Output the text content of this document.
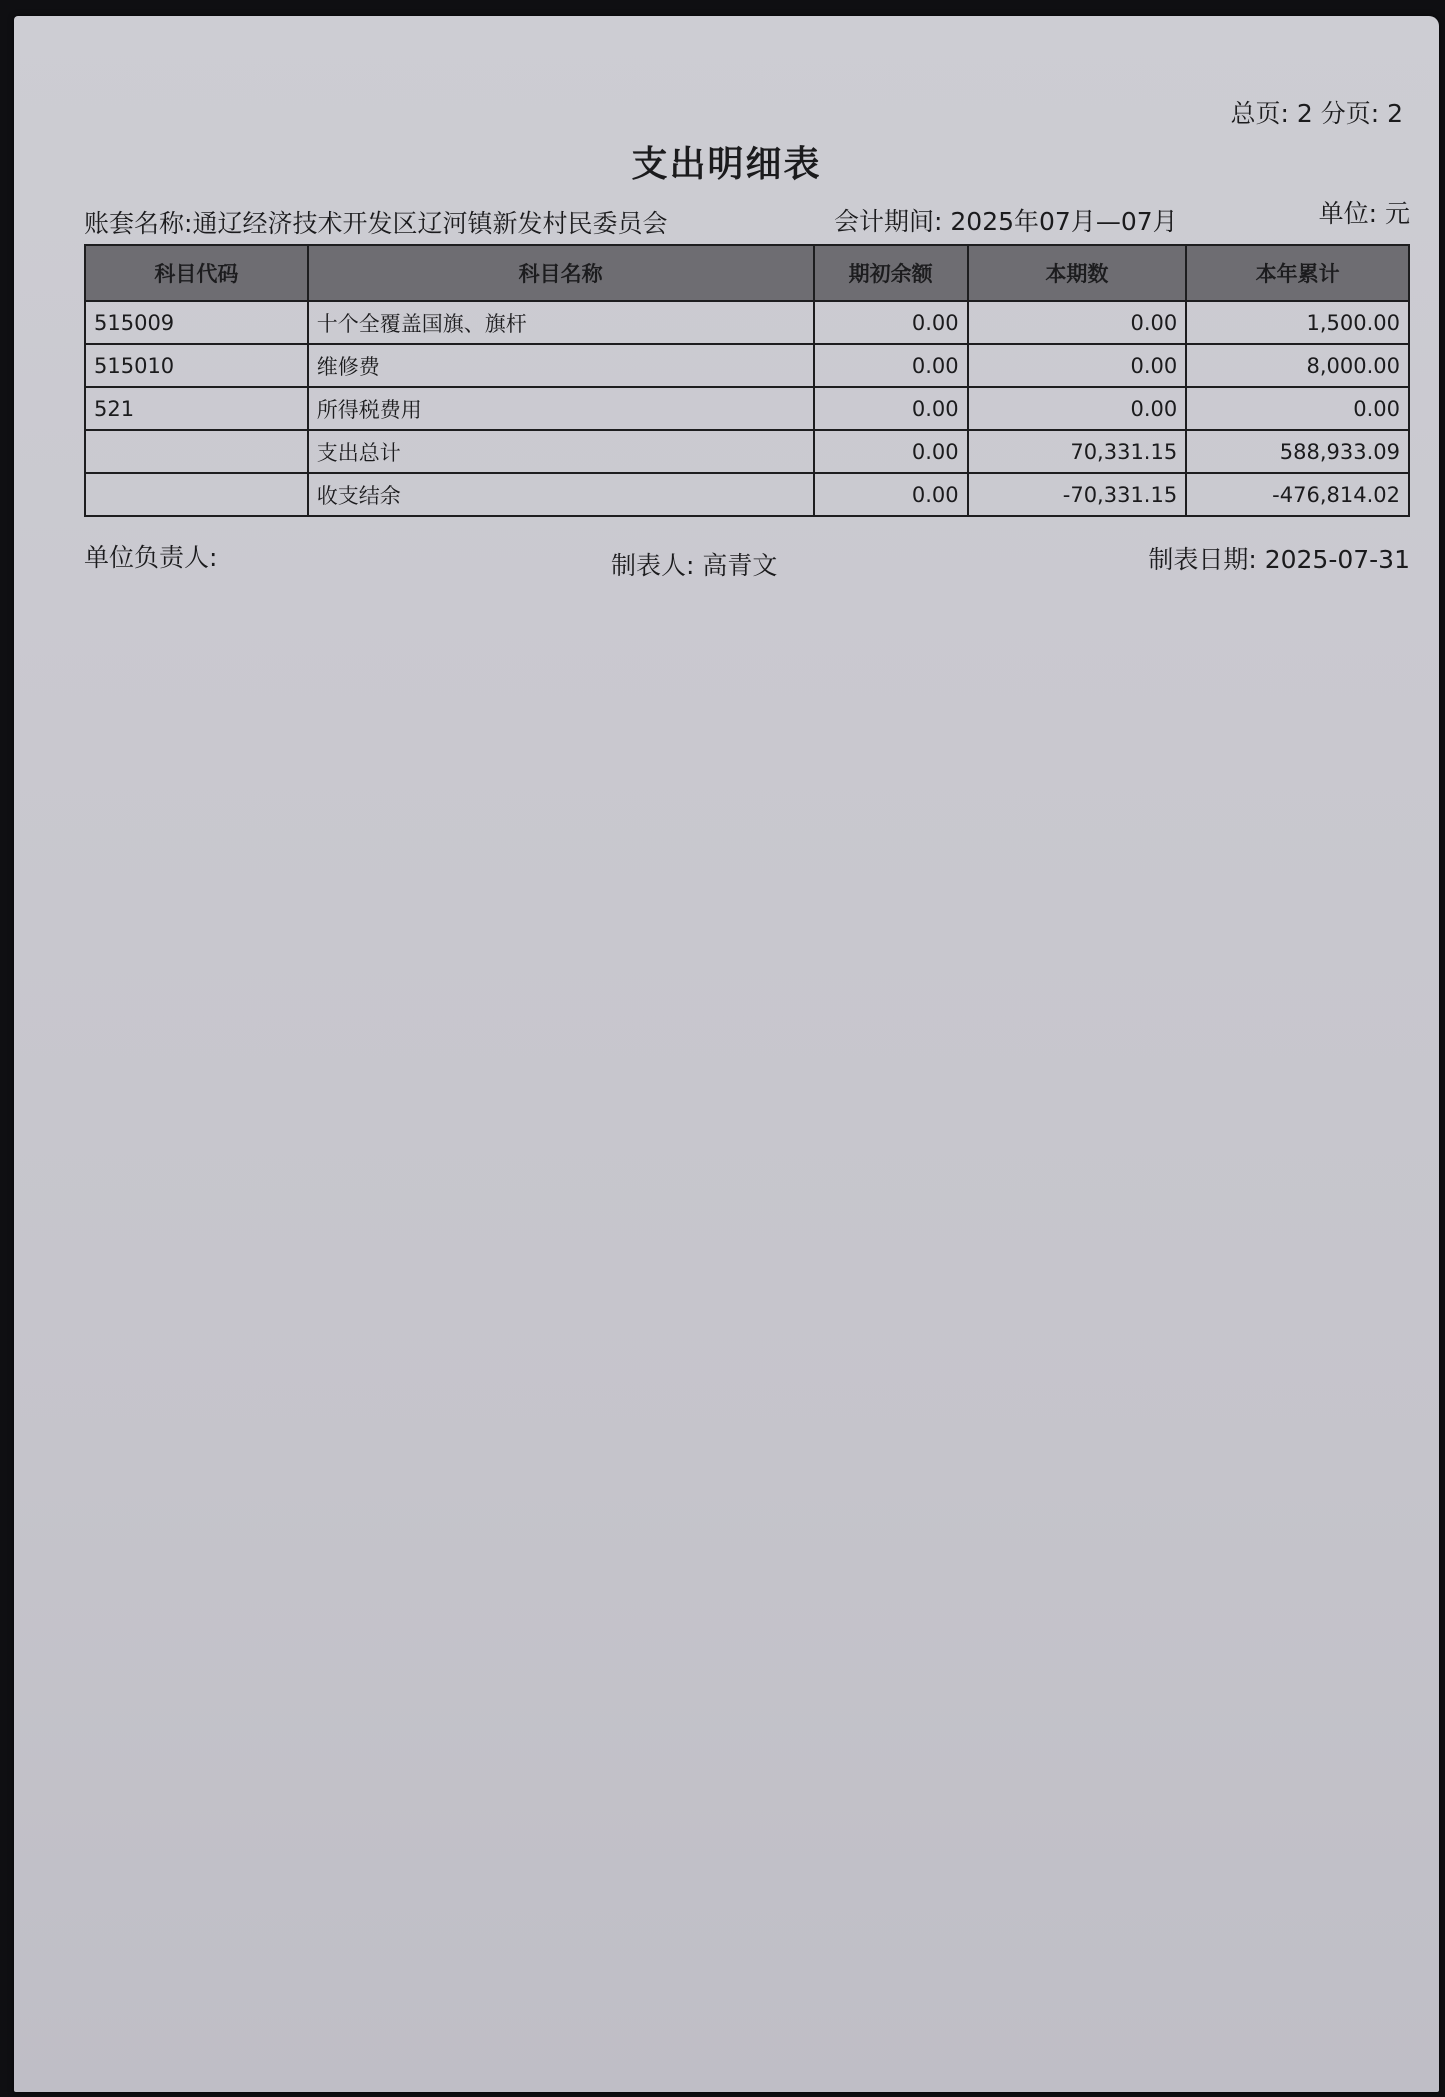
总页: 2 分页: 2
支出明细表
账套名称:通辽经济技术开发区辽河镇新发村民委员会	会计期间: 2025年07月—07月	单位: 元
科目代码	科目名称	期初余额	本期数	本年累计
515009	十个全覆盖国旗、旗杆	0.00	0.00	1,500.00
515010	维修费	0.00	0.00	8,000.00
521	所得税费用	0.00	0.00	0.00
	支出总计	0.00	70,331.15	588,933.09
	收支结余	0.00	-70,331.15	-476,814.02
单位负责人:	制表人: 高青文	制表日期: 2025-07-31
